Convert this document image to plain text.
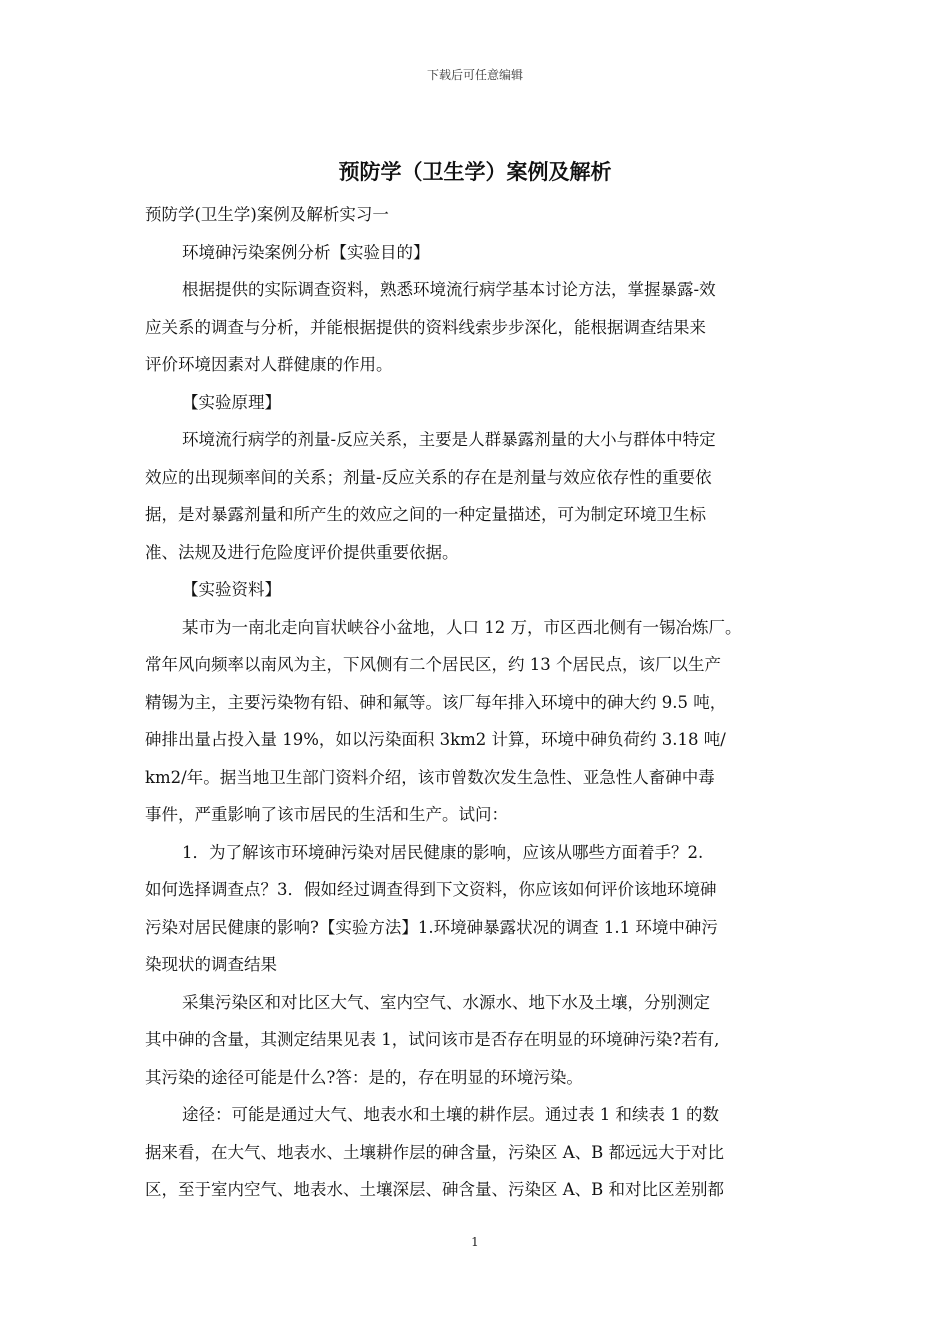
下载后可任意编辑
预防学（卫生学）案例及解析
预防学(卫生学)案例及解析实习一
环境砷污染案例分析【实验目的】
根据提供的实际调查资料，熟悉环境流行病学基本讨论方法，掌握暴露-效
应关系的调查与分析，并能根据提供的资料线索步步深化，能根据调查结果来
评价环境因素对人群健康的作用。
【实验原理】
环境流行病学的剂量-反应关系，主要是人群暴露剂量的大小与群体中特定
效应的出现频率间的关系；剂量-反应关系的存在是剂量与效应依存性的重要依
据，是对暴露剂量和所产生的效应之间的一种定量描述，可为制定环境卫生标
准、法规及进行危险度评价提供重要依据。
【实验资料】
某市为一南北走向盲状峡谷小盆地，人口 12 万，市区西北侧有一锡冶炼厂。
常年风向频率以南风为主，下风侧有二个居民区，约 13 个居民点，该厂以生产
精锡为主，主要污染物有铅、砷和氟等。该厂每年排入环境中的砷大约 9.5 吨，
砷排出量占投入量 19%，如以污染面积 3km2 计算，环境中砷负荷约 3.18 吨/
km2/年。据当地卫生部门资料介绍，该市曾数次发生急性、亚急性人畜砷中毒
事件，严重影响了该市居民的生活和生产。试问：
1．为了解该市环境砷污染对居民健康的影响，应该从哪些方面着手？2.
如何选择调查点？3．假如经过调查得到下文资料，你应该如何评价该地环境砷
污染对居民健康的影响?【实验方法】1.环境砷暴露状况的调查 1.1 环境中砷污
染现状的调查结果
采集污染区和对比区大气、室内空气、水源水、地下水及土壤，分别测定
其中砷的含量，其测定结果见表 1，试问该市是否存在明显的环境砷污染?若有,
其污染的途径可能是什么?答：是的，存在明显的环境污染。
途径：可能是通过大气、地表水和土壤的耕作层。通过表 1 和续表 1 的数
据来看，在大气、地表水、土壤耕作层的砷含量，污染区 A、B 都远远大于对比
区，至于室内空气、地表水、土壤深层、砷含量、污染区 A、B 和对比区差别都
1
